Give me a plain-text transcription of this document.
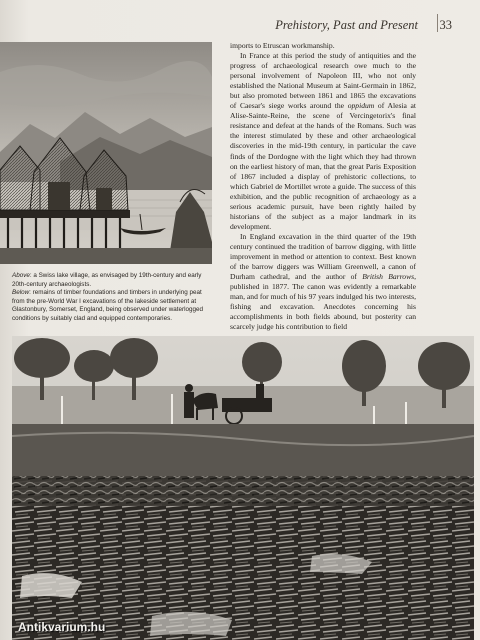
Prehistory, Past and Present 33

Above: a Swiss lake village, as envisaged by 19th-century and early 20th-century archaeologists.

Below: remains of timber foundations and timbers in underlying peat from the pre-World War I excavations of the lakeside settlement at Glastonbury, Somerset, England, being observed under waterlogged conditions by suitably clad and equipped contemporaries.

imports to Etruscan workmanship.

In France at this period the study of antiquities and the progress of archaeological research owe much to the personal involvement of Napoleon III, who not only established the National Museum at Saint-Germain in 1862, but also promoted between 1861 and 1865 the excavations of Caesar's siege works around the oppidum of Alesia at Alise-Sainte-Reine, the scene of Vercingetorix's final resistance and defeat at the hands of the Romans. Such was the interest stimulated by these and other archaeological discoveries in the mid-19th century, in particular the cave finds of the Dordogne with the light which they had thrown on the earliest history of man, that the great Paris Exposition of 1867 included a display of prehistoric collections, to which Gabriel de Mortillet wrote a guide. The success of this exhibition, and the public recognition of archaeology as a serious academic pursuit, have been rightly hailed by historians of the subject as a major landmark in its development.

In England excavation in the third quarter of the 19th century continued the tradition of barrow digging, with little improvement in method or attention to context. Best known of the barrow diggers was William Greenwell, a canon of Durham cathedral, and the author of British Barrows, published in 1877. The canon was evidently a remarkable man, and for much of his 97 years indulged his two interests, fishing and excavation. Anecdotes concerning his accomplishments in both fields abound, but posterity can scarcely judge his contribution to field

Antikvarium.hu
